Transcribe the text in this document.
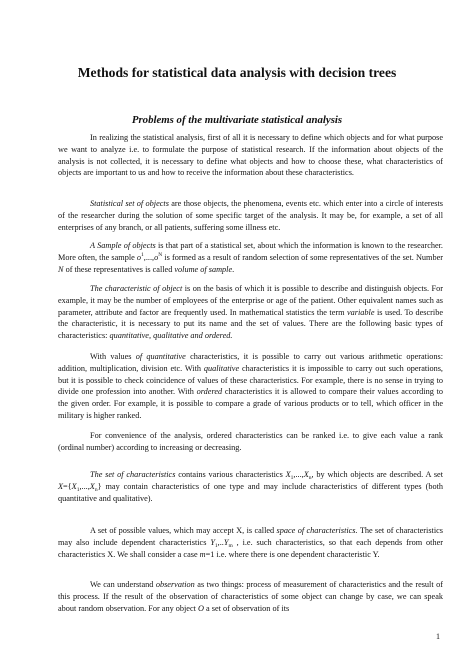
Methods for statistical data analysis with decision trees
Problems of the multivariate statistical analysis
In realizing the statistical analysis, first of all it is necessary to define which objects and for what purpose we want to analyze i.e. to formulate the purpose of statistical research. If the information about objects of the analysis is not collected, it is necessary to define what objects and how to choose these, what characteristics of objects are important to us and how to receive the information about these characteristics.
Statistical set of objects are those objects, the phenomena, events etc. which enter into a circle of interests of the researcher during the solution of some specific target of the analysis. It may be, for example, a set of all enterprises of any branch, or all patients, suffering some illness etc.
A Sample of objects is that part of a statistical set, about which the information is known to the researcher. More often, the sample $o^1,...,o^N$ is formed as a result of random selection of some representatives of the set. Number N of these representatives is called volume of sample.
The characteristic of object is on the basis of which it is possible to describe and distinguish objects. For example, it may be the number of employees of the enterprise or age of the patient. Other equivalent names such as parameter, attribute and factor are frequently used. In mathematical statistics the term variable is used. To describe the characteristic, it is necessary to put its name and the set of values. There are the following basic types of characteristics: quantitative, qualitative and ordered.
With values of quantitative characteristics, it is possible to carry out various arithmetic operations: addition, multiplication, division etc. With qualitative characteristics it is impossible to carry out such operations, but it is possible to check coincidence of values of these characteristics. For example, there is no sense in trying to divide one profession into another. With ordered characteristics it is allowed to compare their values according to the given order. For example, it is possible to compare a grade of various products or to tell, which officer in the military is higher ranked.
For convenience of the analysis, ordered characteristics can be ranked i.e. to give each value a rank (ordinal number) according to increasing or decreasing.
The set of characteristics contains various characteristics $X_1,...,X_n$, by which objects are described. A set $X=\{X_1,...,X_n\}$ may contain characteristics of one type and may include characteristics of different types (both quantitative and qualitative).
A set of possible values, which may accept X, is called space of characteristics. The set of characteristics may also include dependent characteristics $Y_1,..Y_m$ , i.e. such characteristics, so that each depends from other characteristics X. We shall consider a case m=1 i.e. where there is one dependent characteristic Y.
We can understand observation as two things: process of measurement of characteristics and the result of this process. If the result of the observation of characteristics of some object can change by case, we can speak about random observation. For any object O a set of observation of its
1
